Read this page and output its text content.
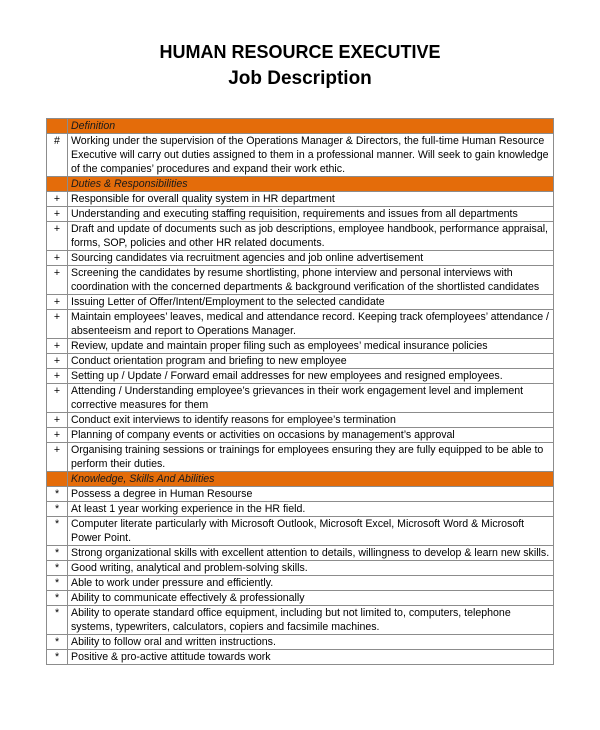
HUMAN RESOURCE EXECUTIVE
Job Description
	Definition
#	Working under the supervision of the Operations Manager & Directors, the full-time Human Resource Executive will carry out duties assigned to them in a professional manner. Will seek to gain knowledge of the companies’ procedures and expand their work ethic.
	Duties & Responsibilities
+	Responsible for overall quality system in HR department
+	Understanding and executing staffing requisition, requirements and issues from all departments
+	Draft and update of documents such as job descriptions, employee handbook, performance appraisal, forms, SOP, policies and other HR related documents.
+	Sourcing candidates via recruitment agencies and job online advertisement
+	Screening the candidates by resume shortlisting, phone interview and personal interviews with coordination with the concerned departments & background verification of the shortlisted candidates
+	Issuing Letter of Offer/Intent/Employment to the selected candidate
+	Maintain employees’ leaves, medical and attendance record. Keeping track ofemployees’ attendance / absenteeism and report to Operations Manager.
+	Review, update and maintain proper filing such as employees’ medical insurance policies
+	Conduct orientation program and briefing to new employee
+	Setting up / Update / Forward email addresses for new employees and resigned employees.
+	Attending / Understanding employee’s grievances in their work engagement level and implement corrective measures for them
+	Conduct exit interviews to identify reasons for employee’s termination
+	Planning of company events or activities on occasions by management’s approval
+	Organising training sessions or trainings for employees ensuring they are fully equipped to be able to perform their duties.
	Knowledge, Skills And Abilities
*	Possess a degree in Human Resourse
*	At least 1 year working experience in the HR field.
*	Computer literate particularly with Microsoft Outlook, Microsoft Excel, Microsoft Word & Microsoft Power Point.
*	Strong organizational skills with excellent attention to details, willingness to develop & learn new skills.
*	Good writing, analytical and problem-solving skills.
*	Able to work under pressure and efficiently.
*	Ability to communicate effectively & professionally
*	Ability to operate standard office equipment, including but not limited to, computers, telephone systems, typewriters, calculators, copiers and facsimile machines.
*	Ability to follow oral and written instructions.
*	Positive & pro-active attitude towards work
